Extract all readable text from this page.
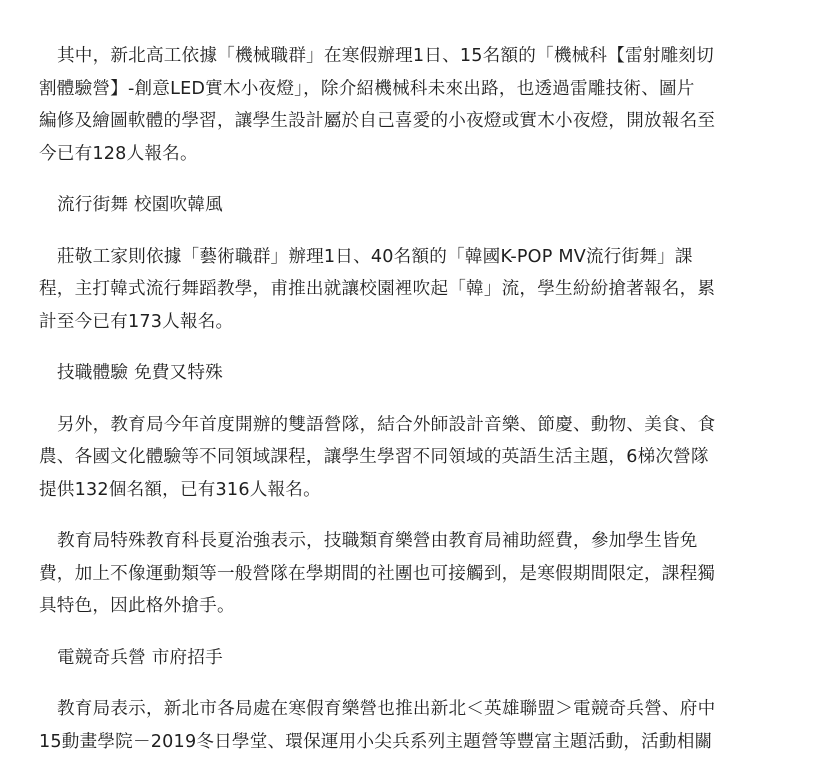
其中，新北高工依據「機械職群」在寒假辦理1日、15名額的「機械科【雷射雕刻切
割體驗營】-創意LED實木小夜燈」，除介紹機械科未來出路，也透過雷雕技術、圖片
編修及繪圖軟體的學習，讓學生設計屬於自己喜愛的小夜燈或實木小夜燈，開放報名至
今已有128人報名。

流行街舞 校園吹韓風

莊敬工家則依據「藝術職群」辦理1日、40名額的「韓國K-POP MV流行街舞」課
程，主打韓式流行舞蹈教學，甫推出就讓校園裡吹起「韓」流，學生紛紛搶著報名，累
計至今已有173人報名。

技職體驗 免費又特殊

另外，教育局今年首度開辦的雙語營隊，結合外師設計音樂、節慶、動物、美食、食
農、各國文化體驗等不同領域課程，讓學生學習不同領域的英語生活主題，6梯次營隊
提供132個名額，已有316人報名。

教育局特殊教育科長夏治強表示，技職類育樂營由教育局補助經費，參加學生皆免
費，加上不像運動類等一般營隊在學期間的社團也可接觸到，是寒假期間限定，課程獨
具特色，因此格外搶手。

電競奇兵營 市府招手

教育局表示，新北市各局處在寒假育樂營也推出新北＜英雄聯盟＞電競奇兵營、府中
15動畫學院－2019冬日學堂、環保運用小尖兵系列主題營等豐富主題活動，活動相關
